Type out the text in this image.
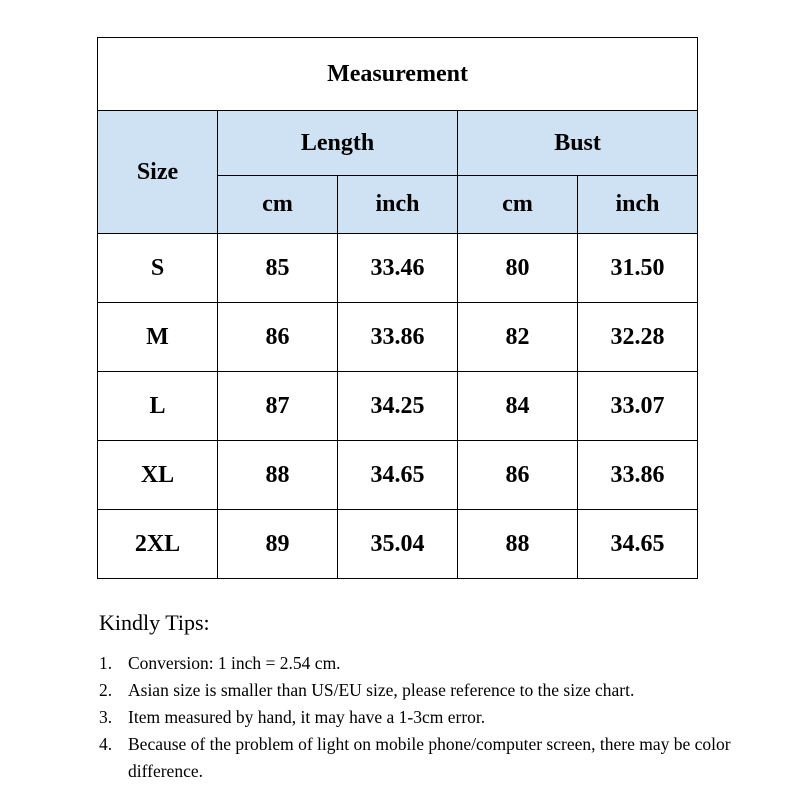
Measurement				
Size	Length		Bust	
	cm	inch	cm	inch
S	85	33.46	80	31.50
M	86	33.86	82	32.28
L	87	34.25	84	33.07
XL	88	34.65	86	33.86
2XL	89	35.04	88	34.65
Kindly Tips:
1. Conversion: 1 inch = 2.54 cm.
2. Asian size is smaller than US/EU size, please reference to the size chart.
3. Item measured by hand, it may have a 1-3cm error.
4. Because of the problem of light on mobile phone/computer screen, there may be color difference.
